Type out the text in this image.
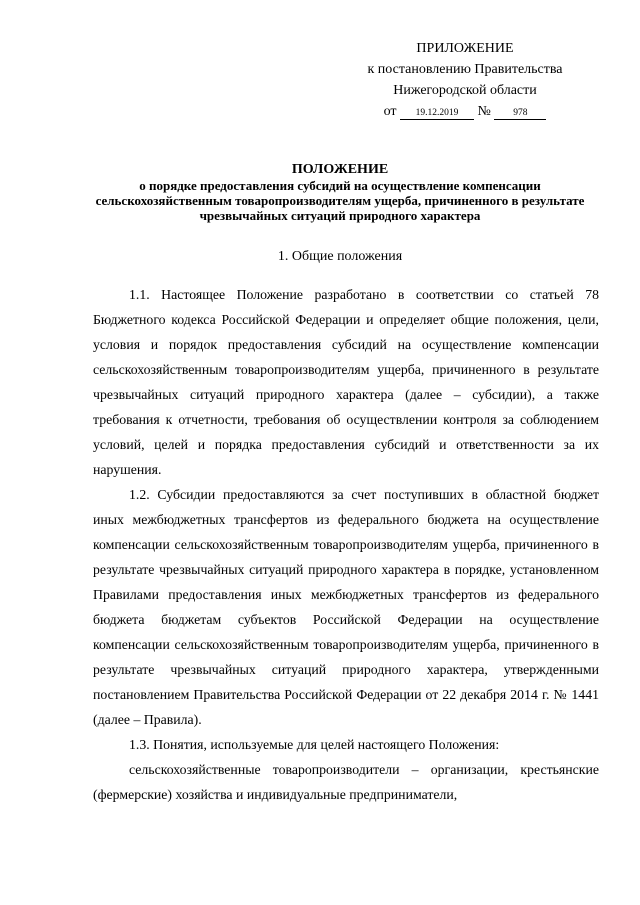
ПРИЛОЖЕНИЕ
к постановлению Правительства
Нижегородской области
от 19.12.2019 № 978
ПОЛОЖЕНИЕ
о порядке предоставления субсидий на осуществление компенсации сельскохозяйственным товаропроизводителям ущерба, причиненного в результате чрезвычайных ситуаций природного характера
1. Общие положения

1.1. Настоящее Положение разработано в соответствии со статьей 78 Бюджетного кодекса Российской Федерации и определяет общие положения, цели, условия и порядок предоставления субсидий на осуществление компенсации сельскохозяйственным товаропроизводителям ущерба, причиненного в результате чрезвычайных ситуаций природного характера (далее – субсидии), а также требования к отчетности, требования об осуществлении контроля за соблюдением условий, целей и порядка предоставления субсидий и ответственности за их нарушения.

1.2. Субсидии предоставляются за счет поступивших в областной бюджет иных межбюджетных трансфертов из федерального бюджета на осуществление компенсации сельскохозяйственным товаропроизводителям ущерба, причиненного в результате чрезвычайных ситуаций природного характера в порядке, установленном Правилами предоставления иных межбюджетных трансфертов из федерального бюджета бюджетам субъектов Российской Федерации на осуществление компенсации сельскохозяйственным товаропроизводителям ущерба, причиненного в результате чрезвычайных ситуаций природного характера, утвержденными постановлением Правительства Российской Федерации от 22 декабря 2014 г. № 1441 (далее – Правила).

1.3. Понятия, используемые для целей настоящего Положения:

сельскохозяйственные товаропроизводители – организации, крестьянские (фермерские) хозяйства и индивидуальные предприниматели,
